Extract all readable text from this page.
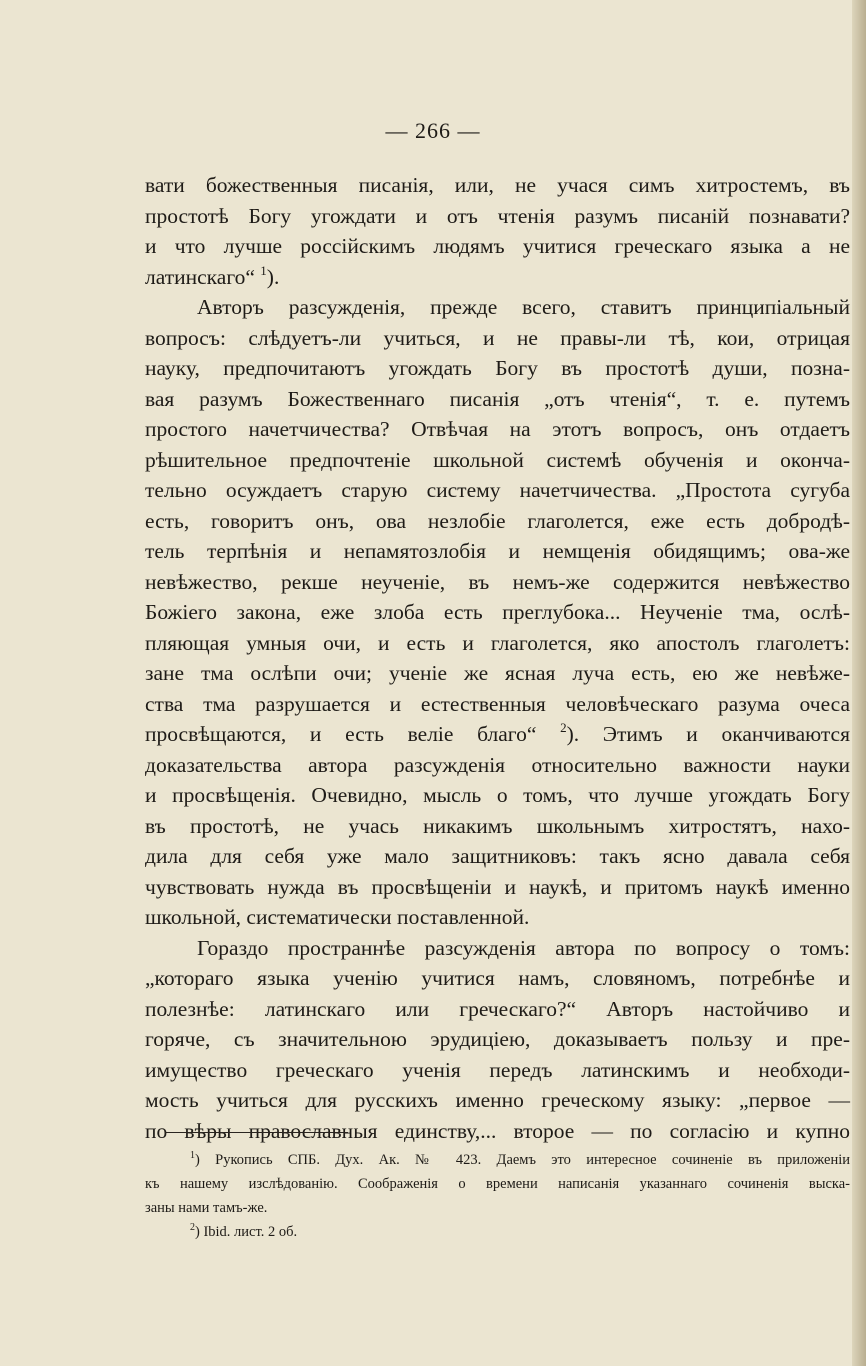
— 266 —
вати божественныя писанія, или, не учася симъ хитростемъ, въ
простотѣ Богу угождати и отъ чтенія разумъ писаній познавати?
и что лучше россійскимъ людямъ учитися греческаго языка а не
латинскаго“ $^1$).
Авторъ разсужденія, прежде всего, ставитъ принципіальный
вопросъ: слѣдуетъ-ли учиться, и не правы-ли тѣ, кои, отрицая
науку, предпочитаютъ угождать Богу въ простотѣ души, позна-
вая разумъ Божественнаго писанія „отъ чтенія“, т. е. путемъ
простого начетчичества? Отвѣчая на этотъ вопросъ, онъ отдаетъ
рѣшительное предпочтеніе школьной системѣ обученія и оконча-
тельно осуждаетъ старую систему начетчичества. „Простота сугуба
есть, говоритъ онъ, ова незлобіе глаголется, еже есть добродѣ-
тель терпѣнія и непамятозлобія и немщенія обидящимъ; ова-же
невѣжество, рекше неученіе, въ немъ-же содержится невѣжество
Божіего закона, еже злоба есть преглубока... Неученіе тма, ослѣ-
пляющая умныя очи, и есть и глаголется, яко апостолъ глаголетъ:
зане тма ослѣпи очи; ученіе же ясная луча есть, ею же невѣже-
ства тма разрушается и естественныя человѣческаго разума очеса
просвѣщаются, и есть веліе благо“ $^2$). Этимъ и оканчиваются
доказательства автора разсужденія относительно важности науки
и просвѣщенія. Очевидно, мысль о томъ, что лучше угождать Богу
въ простотѣ, не учась никакимъ школьнымъ хитростятъ, нахо-
дила для себя уже мало защитниковъ: такъ ясно давала себя
чувствовать нужда въ просвѣщеніи и наукѣ, и притомъ наукѣ именно
школьной, систематически поставленной.
Гораздо пространнѣе разсужденія автора по вопросу о томъ:
„котораго языка ученію учитися намъ, словяномъ, потребнѣе и
полезнѣе: латинскаго или греческаго?“ Авторъ настойчиво и
горяче, съ значительною эрудиціею, доказываетъ пользу и пре-
имущество греческаго ученія передъ латинскимъ и необходи-
мость учиться для русскихъ именно греческому языку: „первое —
по вѣры православныя единству,... второе — по согласію и купно
$^1$) Рукопись СПБ. Дух. Ак. № 423. Даемъ это интересное сочиненіе въ приложеніи
къ нашему изслѣдованію. Соображенія о времени написанія указаннаго сочиненія выска-
заны нами тамъ-же.
$^2$) Ibid. лист. 2 об.
